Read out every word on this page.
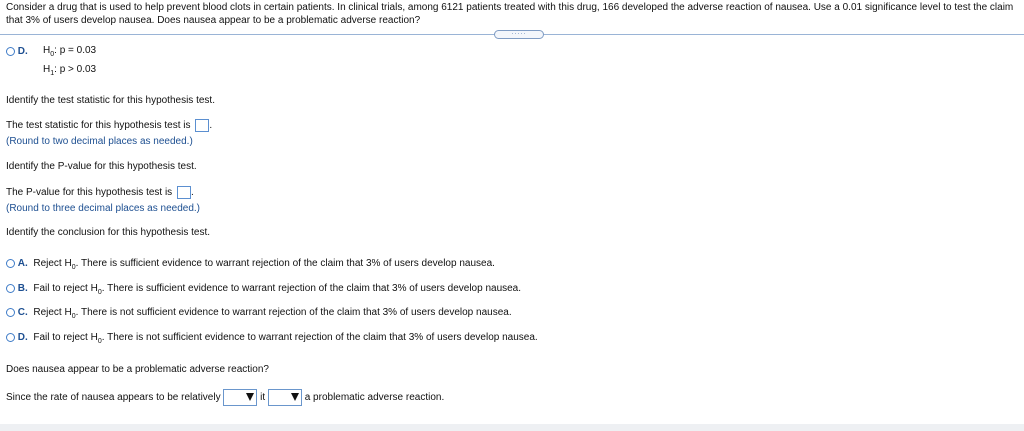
Consider a drug that is used to help prevent blood clots in certain patients. In clinical trials, among 6121 patients treated with this drug, 166 developed the adverse reaction of nausea. Use a 0.01 significance level to test the claim that 3% of users develop nausea. Does nausea appear to be a problematic adverse reaction?
.....
D. $H_0$: p = 0.03
$H_1$: p > 0.03
Identify the test statistic for this hypothesis test.
The test statistic for this hypothesis test is .
(Round to two decimal places as needed.)
Identify the P-value for this hypothesis test.
The P-value for this hypothesis test is .
(Round to three decimal places as needed.)
Identify the conclusion for this hypothesis test.
A. Reject $H_0$. There is sufficient evidence to warrant rejection of the claim that 3% of users develop nausea.
B. Fail to reject $H_0$. There is sufficient evidence to warrant rejection of the claim that 3% of users develop nausea.
C. Reject $H_0$. There is not sufficient evidence to warrant rejection of the claim that 3% of users develop nausea.
D. Fail to reject $H_0$. There is not sufficient evidence to warrant rejection of the claim that 3% of users develop nausea.
Does nausea appear to be a problematic adverse reaction?
Since the rate of nausea appears to be relatively	it	a problematic adverse reaction.
